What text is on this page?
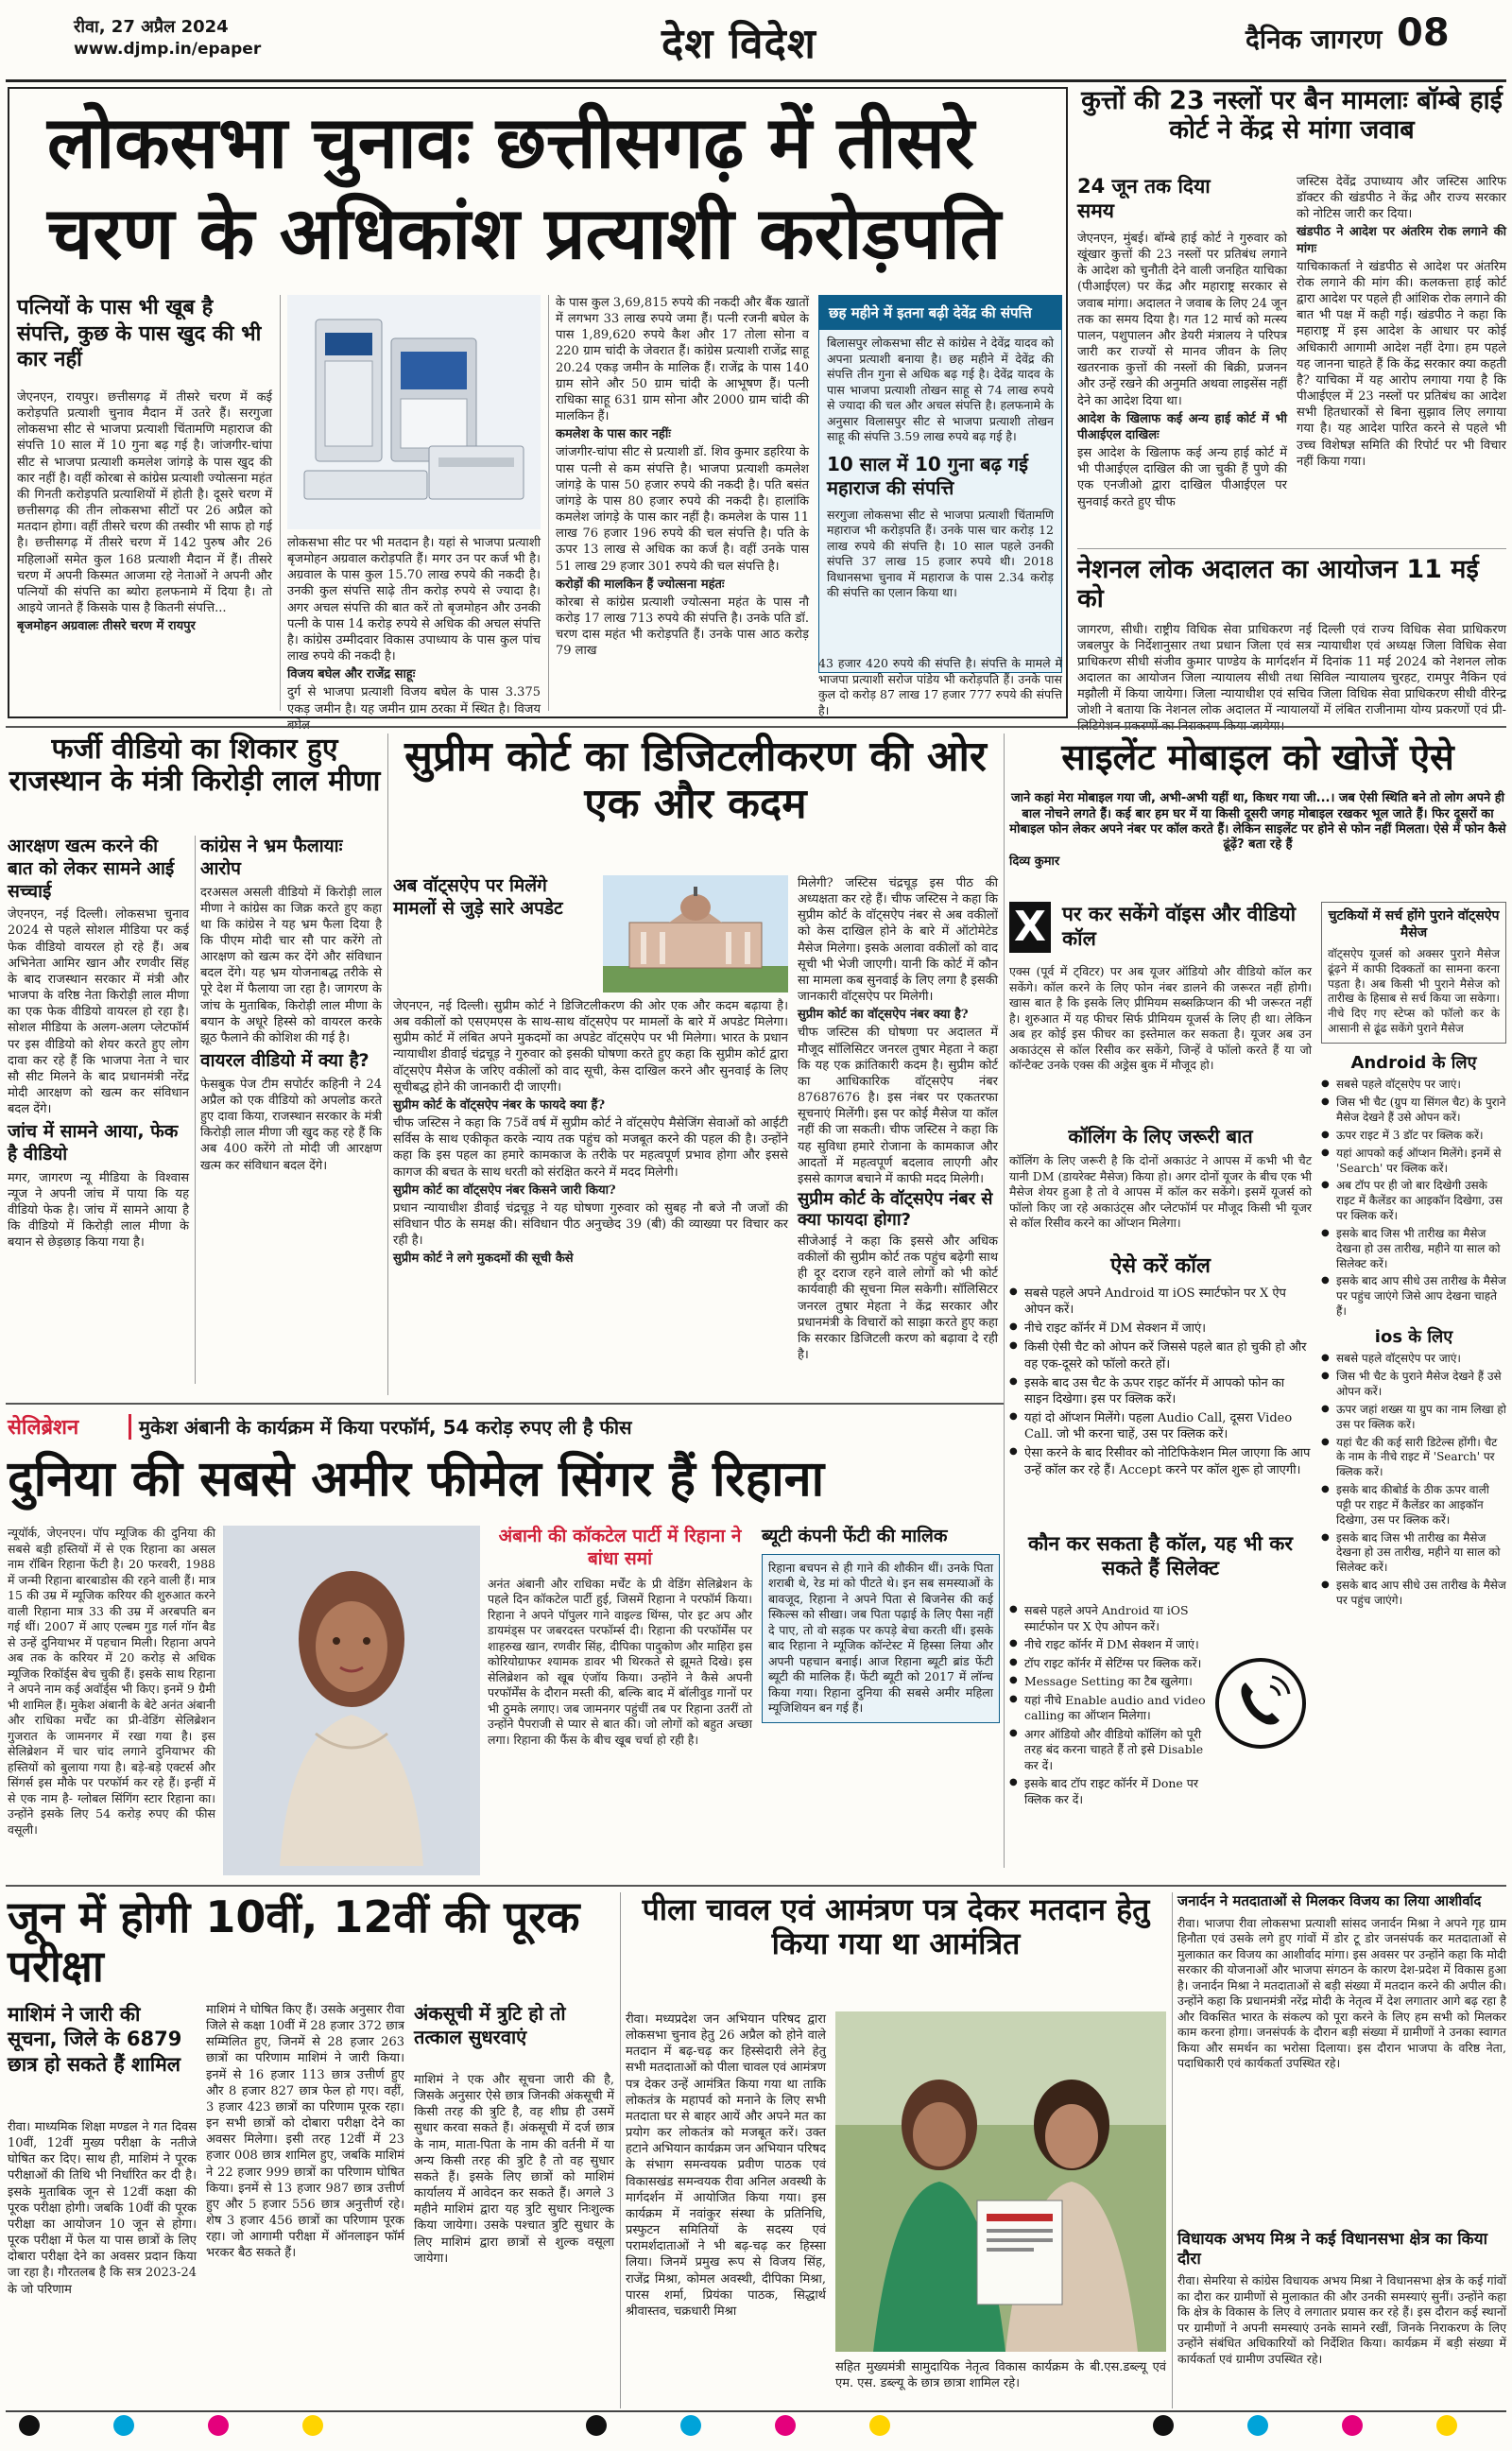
रीवा, 27 अप्रैल 2024
www.djmp.in/epaper	देश विदेश	दैनिक जागरण 08
लोकसभा चुनावः छत्तीसगढ़ में तीसरे
चरण के अधिकांश प्रत्याशी करोड़पति
पत्नियों के पास भी खूब है संपत्ति, कुछ के पास खुद की भी कार नहीं

जेएनएन, रायपुर। छत्तीसगढ़ में तीसरे चरण में कई करोड़पति प्रत्याशी चुनाव मैदान में उतरे हैं। सरगुजा लोकसभा सीट से भाजपा प्रत्याशी चिंतामणि महाराज की संपत्ति 10 साल में 10 गुना बढ़ गई है। जांजगीर-चांपा सीट से भाजपा प्रत्याशी कमलेश जांगड़े के पास खुद की कार नहीं है। वहीं कोरबा से कांग्रेस प्रत्याशी ज्योत्सना महंत की गिनती करोड़पति प्रत्याशियों में होती है। दूसरे चरण में छत्तीसगढ़ की तीन लोकसभा सीटों पर 26 अप्रैल को मतदान होगा। वहीं तीसरे चरण की तस्वीर भी साफ हो गई है। छत्तीसगढ़ में तीसरे चरण में 142 पुरुष और 26 महिलाओं समेत कुल 168 प्रत्याशी मैदान में हैं। तीसरे चरण में अपनी किस्मत आजमा रहे नेताओं ने अपनी और पत्नियों की संपत्ति का ब्योरा हलफनामे में दिया है। तो आइये जानते हैं किसके पास है कितनी संपत्ति...

बृजमोहन अग्रवालः तीसरे चरण में रायपुर

लोकसभा सीट पर भी मतदान है। यहां से भाजपा प्रत्याशी बृजमोहन अग्रवाल करोड़पति हैं। मगर उन पर कर्ज भी है। अग्रवाल के पास कुल 15.70 लाख रुपये की नकदी है। उनकी कुल संपत्ति साढ़े तीन करोड़ रुपये से ज्यादा है। अगर अचल संपत्ति की बात करें तो बृजमोहन और उनकी पत्नी के पास 14 करोड़ रुपये से अधिक की अचल संपत्ति है। कांग्रेस उम्मीदवार विकास उपाध्याय के पास कुल पांच लाख रुपये की नकदी है।

विजय बघेल और राजेंद्र साहूः

दुर्ग से भाजपा प्रत्याशी विजय बघेल के पास 3.375 एकड़ जमीन है। यह जमीन ग्राम ठरका में स्थित है। विजय

के पास कुल 3,69,815 रुपये की नकदी और बैंक खातों में लगभग 33 लाख रुपये जमा हैं। पत्नी रजनी बघेल के पास 1,89,620 रुपये कैश और 17 तोला सोना व 220 ग्राम चांदी के जेवरात हैं। कांग्रेस प्रत्याशी राजेंद्र साहू 20.24 एकड़ जमीन के मालिक हैं। राजेंद्र के पास 140 ग्राम सोने और 50 ग्राम चांदी के आभूषण हैं। पत्नी राधिका साहू 631 ग्राम सोना और 2000 ग्राम चांदी की मालकिन हैं।

कमलेश के पास कार नहींः

जांजगीर-चांपा सीट से प्रत्याशी डॉ. शिव कुमार डहरिया के पास पत्नी से कम संपत्ति है। भाजपा प्रत्याशी कमलेश जांगड़े के पास 50 हजार रुपये की नकदी है। पति बसंत जांगड़े के पास 80 हजार रुपये की नकदी है। हालांकि कमलेश जांगड़े के पास कार नहीं है। कमलेश के पास 11 लाख 76 हजार 196 रुपये की चल संपत्ति है। पति के ऊपर 13 लाख से अधिक का कर्ज है। वहीं उनके पास 51 लाख 29 हजार 301 रुपये की चल संपत्ति है।

करोड़ों की मालकिन हैं ज्योत्सना महंतः

कोरबा से कांग्रेस प्रत्याशी ज्योत्सना महंत के पास नौ करोड़ 17 लाख 713 रुपये की संपत्ति है। उनके पति डॉ. चरण दास महंत भी करोड़पति हैं। उनके पास आठ करोड़ 79 लाख

छह महीने में इतना बढ़ी देवेंद्र की संपत्ति
बिलासपुर लोकसभा सीट से कांग्रेस ने देवेंद्र यादव को अपना प्रत्याशी बनाया है। छह महीने में देवेंद्र की संपत्ति तीन गुना से अधिक बढ़ गई है। देवेंद्र यादव के पास भाजपा प्रत्याशी तोखन साहू से 74 लाख रुपये से ज्यादा की चल और अचल संपत्ति है। हलफनामे के अनुसार विलासपुर सीट से भाजपा प्रत्याशी तोखन साहू की संपत्ति 3.59 लाख रुपये बढ़ गई है।
10 साल में 10 गुना बढ़ गई महाराज की संपत्ति
सरगुजा लोकसभा सीट से भाजपा प्रत्याशी चिंतामणि महाराज भी करोड़पति हैं। उनके पास चार करोड़ 12 लाख रुपये की संपत्ति है। 10 साल पहले उनकी संपत्ति 37 लाख 15 हजार रुपये थी। 2018 विधानसभा चुनाव में महाराज के पास 2.34 करोड़ की संपत्ति का एलान किया था।
43 हजार 420 रुपये की संपत्ति है। संपत्ति के मामले में भाजपा प्रत्याशी सरोज पांडेय भी करोड़पति हैं। उनके पास कुल दो करोड़ 87 लाख 17 हजार 777 रुपये की संपत्ति है।
कुत्तों की 23 नस्लों पर बैन मामलाः बॉम्बे हाई कोर्ट ने केंद्र से मांगा जवाब
24 जून तक दिया समय

जेएनएन, मुंबई। बॉम्बे हाई कोर्ट ने गुरुवार को खूंखार कुत्तों की 23 नस्लों पर प्रतिबंध लगाने के आदेश को चुनौती देने वाली जनहित याचिका (पीआईएल) पर केंद्र और महाराष्ट्र सरकार से जवाब मांगा। अदालत ने जवाब के लिए 24 जून तक का समय दिया है। गत 12 मार्च को मत्स्य पालन, पशुपालन और डेयरी मंत्रालय ने परिपत्र जारी कर राज्यों से मानव जीवन के लिए खतरनाक कुत्तों की नस्लों की बिक्री, प्रजनन और उन्हें रखने की अनुमति अथवा लाइसेंस नहीं देने का आदेश दिया था।

आदेश के खिलाफ कई अन्य हाई कोर्ट में भी पीआईएल दाखिलः

इस आदेश के खिलाफ कई अन्य हाई कोर्ट में भी पीआईएल दाखिल की जा चुकी हैं पुणे की एक एनजीओ द्वारा दाखिल पीआईएल पर सुनवाई करते हुए चीफ

जस्टिस देवेंद्र उपाध्याय और जस्टिस आरिफ डॉक्टर की खंडपीठ ने केंद्र और राज्य सरकार को नोटिस जारी कर दिया।

खंडपीठ ने आदेश पर अंतरिम रोक लगाने की मांगः

याचिकाकर्ता ने खंडपीठ से आदेश पर अंतरिम रोक लगाने की मांग की। कलकत्ता हाई कोर्ट द्वारा आदेश पर पहले ही आंशिक रोक लगाने की बात भी पक्ष में कही गई। खंडपीठ ने कहा कि महाराष्ट्र में इस आदेश के आधार पर कोई अधिकारी आगामी आदेश नहीं देगा। हम पहले यह जानना चाहते हैं कि केंद्र सरकार क्या कहती है? याचिका में यह आरोप लगाया गया है कि पीआईएल में 23 नस्लों पर प्रतिबंध का आदेश सभी हितधारकों से बिना सुझाव लिए लगाया गया है। यह आदेश पारित करने से पहले भी उच्च विशेषज्ञ समिति की रिपोर्ट पर भी विचार नहीं किया गया।

नेशनल लोक अदालत का आयोजन 11 मई को
जागरण, सीधी। राष्ट्रीय विधिक सेवा प्राधिकरण नई दिल्ली एवं राज्य विधिक सेवा प्राधिकरण जबलपुर के निर्देशानुसार तथा प्रधान जिला एवं सत्र न्यायाधीश एवं अध्यक्ष जिला विधिक सेवा प्राधिकरण सीधी संजीव कुमार पाण्डेय के मार्गदर्शन में दिनांक 11 मई 2024 को नेशनल लोक अदालत का आयोजन जिला न्यायालय सीधी तथा सिविल न्यायालय चुरहट, रामपुर नैकिन एवं मझौली में किया जायेगा। जिला न्यायाधीश एवं सचिव जिला विधिक सेवा प्राधिकरण सीधी वीरेन्द्र जोशी ने बताया कि नेशनल लोक अदालत में न्यायालयों में लंबित राजीनामा योग्य प्रकरणों एवं प्री-
फर्जी वीडियो का शिकार हुए राजस्थान के मंत्री किरोड़ी लाल मीणा
आरक्षण खत्म करने की बात को लेकर सामने आई सच्चाई
जेएनएन, नई दिल्ली। लोकसभा चुनाव 2024 से पहले सोशल मीडिया पर कई फेक वीडियो वायरल हो रहे हैं। अब अभिनेता आमिर खान और रणवीर सिंह के बाद राजस्थान सरकार में मंत्री और भाजपा के वरिष्ठ नेता किरोड़ी लाल मीणा का एक फेक वीडियो वायरल हो रहा है। सोशल मीडिया के अलग-अलग प्लेटफॉर्म पर इस वीडियो को शेयर करते हुए लोग दावा कर रहे हैं कि भाजपा नेता ने चार सौ सीट मिलने के बाद प्रधानमंत्री नरेंद्र मोदी आरक्षण को खत्म कर संविधान बदल देंगे।
जांच में सामने आया, फेक है वीडियो
मगर, जागरण न्यू मीडिया के विश्वास न्यूज ने अपनी जांच में पाया कि यह वीडियो फेक है। जांच में सामने आया है कि वीडियो में किरोड़ी लाल मीणा के बयान से छेड़छाड़ किया गया है।
कांग्रेस ने भ्रम फैलायाः आरोप
दरअसल असली वीडियो में किरोड़ी लाल मीणा ने कांग्रेस का जिक्र करते हुए कहा था कि कांग्रेस ने यह भ्रम फैला दिया है कि पीएम मोदी चार सौ पार करेंगे तो आरक्षण को खत्म कर देंगे और संविधान बदल देंगे। यह भ्रम योजनाबद्ध तरीके से पूरे देश में फैलाया जा रहा है। जागरण के जांच के मुताबिक, किरोड़ी लाल मीणा के बयान के अधूरे हिस्से को वायरल करके झूठ फैलाने की कोशिश की गई है।
वायरल वीडियो में क्या है?
फेसबुक पेज टीम सपोर्टर कहिनी ने 24 अप्रैल को एक वीडियो को अपलोड करते हुए दावा किया, राजस्थान सरकार के मंत्री किरोड़ी लाल मीणा जी खुद कह रहे हैं कि अब 400 करेंगे तो मोदी जी आरक्षण खत्म कर संविधान बदल देंगे।
सुप्रीम कोर्ट का डिजिटलीकरण की ओर एक और कदम
अब वॉट्सऐप पर मिलेंगे मामलों से जुड़े सारे अपडेट

जेएनएन, नई दिल्ली। सुप्रीम कोर्ट ने डिजिटलीकरण की ओर एक और कदम बढ़ाया है। अब वकीलों को एसएमएस के साथ-साथ वॉट्सऐप पर मामलों के बारे में अपडेट मिलेगा। सुप्रीम कोर्ट में लंबित अपने मुकदमों का अपडेट वॉट्सऐप पर भी मिलेगा। भारत के प्रधान न्यायाधीश डीवाई चंद्रचूड़ ने गुरुवार को इसकी घोषणा करते हुए कहा कि सुप्रीम कोर्ट द्वारा वॉट्सऐप मैसेज के जरिए वकीलों को वाद सूची, केस दाखिल करने और सुनवाई के लिए सूचीबद्ध होने की जानकारी दी जाएगी।

सुप्रीम कोर्ट के वॉट्सऐप नंबर के फायदे क्या हैं?

चीफ जस्टिस ने कहा कि 75वें वर्ष में सुप्रीम कोर्ट ने वॉट्सऐप मैसेजिंग सेवाओं को आईटी सर्विस के साथ एकीकृत करके न्याय तक पहुंच को मजबूत करने की पहल की है। उन्होंने कहा कि इस पहल का हमारे कामकाज के तरीके पर महत्वपूर्ण प्रभाव होगा और इससे कागज की बचत के साथ धरती को संरक्षित करने में मदद मिलेगी।

सुप्रीम कोर्ट का वॉट्सऐप नंबर किसने जारी किया?

प्रधान न्यायाधीश डीवाई चंद्रचूड़ ने यह घोषणा गुरुवार को सुबह नौ बजे नौ जजों की संविधान पीठ के समक्ष की। संविधान पीठ अनुच्छेद 39 (बी) की व्याख्या पर विचार कर रही है।

सुप्रीम कोर्ट ने लगे मुकदमों की सूची कैसे

मिलेगी? जस्टिस चंद्रचूड़ इस पीठ की अध्यक्षता कर रहे हैं। चीफ जस्टिस ने कहा कि सुप्रीम कोर्ट के वॉट्सऐप नंबर से अब वकीलों को केस दाखिल होने के बारे में ऑटोमेटेड मैसेज मिलेगा। इसके अलावा वकीलों को वाद सूची भी भेजी जाएगी। यानी कि कोर्ट में कौन सा मामला कब सुनवाई के लिए लगा है इसकी जानकारी वॉट्सऐप पर मिलेगी।

सुप्रीम कोर्ट का वॉट्सऐप नंबर क्या है?

चीफ जस्टिस की घोषणा पर अदालत में मौजूद सॉलिसिटर जनरल तुषार मेहता ने कहा कि यह एक क्रांतिकारी कदम है। सुप्रीम कोर्ट का आधिकारिक वॉट्सऐप नंबर 87687676 है। इस नंबर पर एकतरफा सूचनाएं मिलेंगी। इस पर कोई मैसेज या कॉल नहीं की जा सकती। चीफ जस्टिस ने कहा कि यह सुविधा हमारे रोजाना के कामकाज और आदतों में महत्वपूर्ण बदलाव लाएगी और इससे कागज बचाने में काफी मदद मिलेगी।

सुप्रीम कोर्ट के वॉट्सऐप नंबर से क्या फायदा होगा?

सीजेआई ने कहा कि इससे और अधिक वकीलों की सुप्रीम कोर्ट तक पहुंच बढ़ेगी साथ ही दूर दराज रहने वाले लोगों को भी कोर्ट कार्यवाही की सूचना मिल सकेगी। सॉलिसिटर जनरल तुषार मेहता ने केंद्र सरकार और प्रधानमंत्री के विचारों को साझा करते हुए कहा कि सरकार डिजिटली करण को बढ़ावा दे रही है।

साइलेंट मोबाइल को खोजें ऐसे
जाने कहां मेरा मोबाइल गया जी, अभी-अभी यहीं था, किधर गया जी...। जब ऐसी स्थिति बने तो लोग अपने ही बाल नोचने लगते हैं। कई बार हम घर में या किसी दूसरी जगह मोबाइल रखकर भूल जाते हैं। फिर दूसरों का मोबाइल फोन लेकर अपने नंबर पर कॉल करते हैं। लेकिन साइलेंट पर होने से फोन नहीं मिलता। ऐसे में फोन कैसे ढूंढ़ें? बता रहे हैं
दिव्य कुमार
X पर कर सकेंगे वॉइस और वीडियो कॉल
एक्स (पूर्व में ट्विटर) पर अब यूजर ऑडियो और वीडियो कॉल कर सकेंगे। कॉल करने के लिए फोन नंबर डालने की जरूरत नहीं होगी। खास बात है कि इसके लिए प्रीमियम सब्सक्रिप्शन की भी जरूरत नहीं है। शुरुआत में यह फीचर सिर्फ प्रीमियम यूजर्स के लिए ही था। लेकिन अब हर कोई इस फीचर का इस्तेमाल कर सकता है। यूजर अब उन अकाउंट्स से कॉल रिसीव कर सकेंगे, जिन्हें वे फॉलो करते हैं या जो कॉन्टैक्ट उनके एक्स की अड्रेस बुक में मौजूद हो।
कॉलिंग के लिए जरूरी बात
कॉलिंग के लिए जरूरी है कि दोनों अकाउंट ने आपस में कभी भी चैट यानी DM (डायरेक्ट मैसेज) किया हो। अगर दोनों यूजर के बीच एक भी मैसेज शेयर हुआ है तो वे आपस में कॉल कर सकेंगे। इसमें यूजर्स को फॉलो किए जा रहे अकाउंट्स और प्लेटफॉर्म पर मौजूद किसी भी यूजर से कॉल रिसीव करने का ऑप्शन मिलेगा।
ऐसे करें कॉल
● सबसे पहले अपने Android या iOS स्मार्टफोन पर X ऐप ओपन करें।
● नीचे राइट कॉर्नर में DM सेक्शन में जाएं।
● किसी ऐसी चैट को ओपन करें जिससे पहले बात हो चुकी हो और वह एक-दूसरे को फॉलो करते हों।
● इसके बाद उस चैट के ऊपर राइट कॉर्नर में आपको फोन का साइन दिखेगा। इस पर क्लिक करें।
● यहां दो ऑप्शन मिलेंगे। पहला Audio Call, दूसरा Video Call. जो भी करना चाहें, उस पर क्लिक करें।
● ऐसा करने के बाद रिसीवर को नोटिफिकेशन मिल जाएगा कि आप उन्हें कॉल कर रहे हैं। Accept करने पर कॉल शुरू हो जाएगी।
कौन कर सकता है कॉल, यह भी कर सकते हैं सिलेक्ट
● सबसे पहले अपने Android या iOS स्मार्टफोन पर X ऐप ओपन करें।
● नीचे राइट कॉर्नर में DM सेक्शन में जाएं।
● टॉप राइट कॉर्नर में सेटिंग्स पर क्लिक करें।
● Message Setting का टैब खुलेगा।
● यहां नीचे Enable audio and video calling का ऑप्शन मिलेगा।
● अगर ऑडियो और वीडियो कॉलिंग को पूरी तरह बंद करना चाहते हैं तो इसे Disable कर दें।
● इसके बाद टॉप राइट कॉर्नर में Done पर क्लिक कर दें।
चुटकियों में सर्च होंगे पुराने वॉट्सऐप मैसेज
वॉट्सऐप यूजर्स को अक्सर पुराने मैसेज ढूंढ़ने में काफी दिक्कतों का सामना करना पड़ता है। अब किसी भी पुराने मैसेज को तारीख के हिसाब से सर्च किया जा सकेगा। नीचे दिए गए स्टेप्स को फॉलो कर के आसानी से ढूंढ सकेंगे पुराने मैसेज
Android के लिए
● सबसे पहले वॉट्सऐप पर जाएं।
● जिस भी चैट (ग्रुप या सिंगल चैट) के पुराने मैसेज देखने हैं उसे ओपन करें।
● ऊपर राइट में 3 डॉट पर क्लिक करें।
● यहां आपको कई ऑप्शन मिलेंगे। इनमें से 'Search' पर क्लिक करें।
● अब टॉप पर ही जो बार दिखेगी उसके राइट में कैलेंडर का आइकॉन दिखेगा, उस पर क्लिक करें।
● इसके बाद जिस भी तारीख का मैसेज देखना हो उस तारीख, महीने या साल को सिलेक्ट करें।
● इसके बाद आप सीधे उस तारीख के मैसेज पर पहुंच जाएंगे जिसे आप देखना चाहते हैं।
ios के लिए
● सबसे पहले वॉट्सऐप पर जाएं।
● जिस भी चैट के पुराने मैसेज देखने हैं उसे ओपन करें।
● ऊपर जहां शख्स या ग्रुप का नाम लिखा हो उस पर क्लिक करें।
● यहां चैट की कई सारी डिटेल्स होंगी। चैट के नाम के नीचे राइट में 'Search' पर क्लिक करें।
● इसके बाद कीबोर्ड के ठीक ऊपर वाली पट्टी पर राइट में कैलेंडर का आइकॉन दिखेगा, उस पर क्लिक करें।
● इसके बाद जिस भी तारीख का मैसेज देखना हो उस तारीख, महीने या साल को सिलेक्ट करें।
● इसके बाद आप सीधे उस तारीख के मैसेज पर पहुंच जाएंगे।
सेलिब्रेशन	मुकेश अंबानी के कार्यक्रम में किया परफॉर्म, 54 करोड़ रुपए ली है फीस
दुनिया की सबसे अमीर फीमेल सिंगर हैं रिहाना
न्यूयॉर्क, जेएनएन। पॉप म्यूजिक की दुनिया की सबसे बड़ी हस्तियों में से एक रिहाना का असल नाम रॉबिन रिहाना फेंटी है। 20 फरवरी, 1988 में जन्मी रिहाना बारबाडोस की रहने वाली हैं। मात्र 15 की उम्र में म्यूजिक करियर की शुरुआत करने वाली रिहाना मात्र 33 की उम्र में अरबपति बन गई थीं। 2007 में आए एल्बम गुड गर्ल गॉन बैड से उन्हें दुनियाभर में पहचान मिली। रिहाना अपने अब तक के करियर में 20 करोड़ से अधिक म्यूजिक रिकॉर्ड्स बेच चुकी हैं। इसके साथ रिहाना ने अपने नाम कई अवॉर्ड्स भी किए। इनमें 9 ग्रैमी भी शामिल हैं। मुकेश अंबानी के बेटे अनंत अंबानी और राधिका मर्चेंट का प्री-वेडिंग सेलिब्रेशन गुजरात के जामनगर में रखा गया है। इस सेलिब्रेशन में चार चांद लगाने दुनियाभर की हस्तियों को बुलाया गया है। बड़े-बड़े एक्टर्स और सिंगर्स इस मौके पर परफॉर्म कर रहे हैं। इन्हीं में से एक नाम है- ग्लोबल सिंगिंग स्टार रिहाना का। उन्होंने इसके लिए 54 करोड़ रुपए की फीस वसूली।
अंबानी की कॉकटेल पार्टी में रिहाना ने बांधा समां
अनंत अंबानी और राधिका मर्चेंट के प्री वेडिंग सेलिब्रेशन के पहले दिन कॉकटेल पार्टी हुई, जिसमें रिहाना ने परफॉर्म किया। रिहाना ने अपने पॉपुलर गाने वाइल्ड थिंग्स, पोर इट अप और डायमंड्स पर जबरदस्त परफॉर्म्स दी। रिहाना की परफॉर्मेंस पर शाहरुख खान, रणवीर सिंह, दीपिका पादुकोण और माहिरा इस कोरियोग्राफर श्यामक डावर भी थिरकते से झूमते दिखे। इस सेलिब्रेशन को खूब एंजॉय किया। उन्होंने ने कैसे अपनी परफॉर्मेंस के दौरान मस्ती की, बल्कि बाद में बॉलीवुड गानों पर भी ठुमके लगाए। जब जामनगर पहुंचीं तब पर रिहाना उतरीं तो उन्होंने पैपराजी से प्यार से बात की। जो लोगों को बहुत अच्छा लगा। रिहाना की फैंस के बीच खूब चर्चा हो रही है।
ब्यूटी कंपनी फेंटी की मालिक
रिहाना बचपन से ही गाने की शौकीन थीं। उनके पिता शराबी थे, रेड मां को पीटते थे। इन सब समस्याओं के बावजूद, रिहाना ने अपने पिता से बिजनेस की कई स्किल्स को सीखा। जब पिता पढ़ाई के लिए पैसा नहीं दे पाए, तो वो सड़क पर कपड़े बेचा करती थीं। इसके बाद रिहाना ने म्यूजिक कॉन्टेस्ट में हिस्सा लिया और अपनी पहचान बनाई। आज रिहाना ब्यूटी ब्रांड फेंटी ब्यूटी की मालिक हैं। फेंटी ब्यूटी को 2017 में लॉन्च किया गया। रिहाना दुनिया की सबसे अमीर महिला म्यूजिशियन बन गई हैं।
जून में होगी 10वीं, 12वीं की पूरक परीक्षा
माशिमं ने जारी की सूचना, जिले के 6879 छात्र हो सकते हैं शामिल
रीवा। माध्यमिक शिक्षा मण्डल ने गत दिवस 10वीं, 12वीं मुख्य परीक्षा के नतीजे घोषित कर दिए। साथ ही, माशिमं ने पूरक परीक्षाओं की तिथि भी निर्धारित कर दी है। इसके मुताबिक जून से 12वीं कक्षा की पूरक परीक्षा होगी। जबकि 10वीं की पूरक परीक्षा का आयोजन 10 जून से होगा। पूरक परीक्षा में फेल या पास छात्रों के लिए दोबारा परीक्षा देने का अवसर प्रदान किया जा रहा है। गौरतलब है कि सत्र 2023-24 के जो परिणाम
माशिमं ने घोषित किए हैं। उसके अनुसार रीवा जिले से कक्षा 10वीं में 28 हजार 372 छात्र सम्मिलित हुए, जिनमें से 28 हजार 263 छात्रों का परिणाम माशिमं ने जारी किया। इनमें से 16 हजार 113 छात्र उत्तीर्ण हुए और 8 हजार 827 छात्र फेल हो गए। वहीं, 3 हजार 423 छात्रों का परिणाम पूरक रहा। इन सभी छात्रों को दोबारा परीक्षा देने का अवसर मिलेगा। इसी तरह 12वीं में 23 हजार 008 छात्र शामिल हुए, जबकि माशिमं ने 22 हजार 999 छात्रों का परिणाम घोषित किया। इनमें से 13 हजार 987 छात्र उत्तीर्ण हुए और 5 हजार 556 छात्र अनुत्तीर्ण रहे। शेष 3 हजार 456 छात्रों का परिणाम पूरक रहा। जो आगामी परीक्षा में ऑनलाइन फॉर्म भरकर बैठ सकते हैं।
अंकसूची में त्रुटि हो तो तत्काल सुधरवाएं
माशिमं ने एक और सूचना जारी की है, जिसके अनुसार ऐसे छात्र जिनकी अंकसूची में किसी तरह की त्रुटि है, वह शीघ्र ही उसमें सुधार करवा सकते हैं। अंकसूची में दर्ज छात्र के नाम, माता-पिता के नाम की वर्तनी में या अन्य किसी तरह की त्रुटि है तो वह सुधार सकते हैं। इसके लिए छात्रों को माशिमं कार्यालय में आवेदन कर सकते हैं। अगले 3 महीने माशिमं द्वारा यह त्रुटि सुधार निःशुल्क किया जायेगा। उसके पश्चात त्रुटि सुधार के लिए माशिमं द्वारा छात्रों से शुल्क वसूला जायेगा।
पीला चावल एवं आमंत्रण पत्र देकर मतदान हेतु किया गया था आमंत्रित
रीवा। मध्यप्रदेश जन अभियान परिषद द्वारा लोकसभा चुनाव हेतु 26 अप्रैल को होने वाले मतदान में बढ़-चढ़ कर हिस्सेदारी लेने हेतु सभी मतदाताओं को पीला चावल एवं आमंत्रण पत्र देकर उन्हें आमंत्रित किया गया था ताकि लोकतंत्र के महापर्व को मनाने के लिए सभी मतदाता घर से बाहर आयें और अपने मत का प्रयोग कर लोकतंत्र को मजबूत करें। उक्त हटाने अभियान कार्यक्रम जन अभियान परिषद के संभाग समन्वयक प्रवीण पाठक एवं विकासखंड समन्वयक रीवा अनिल अवस्थी के मार्गदर्शन में आयोजित किया गया। इस कार्यक्रम में नवांकुर संस्था के प्रतिनिधि, प्रस्फुटन समितियों के सदस्य एवं परामर्शदाताओं ने भी बढ़-चढ़ कर हिस्सा लिया। जिनमें प्रमुख रूप से विजय सिंह, राजेंद्र मिश्रा, कोमल अवस्थी, दीपिका मिश्रा, पारस शर्मा, प्रियंका पाठक, सिद्धार्थ श्रीवास्तव, चक्रधारी मिश्रा
सहित मुख्यमंत्री सामुदायिक नेतृत्व विकास कार्यक्रम के बी.एस.डब्ल्यू एवं एम. एस. डब्ल्यू के छात्र छात्रा शामिल रहे।
जनार्दन ने मतदाताओं से मिलकर विजय का लिया आशीर्वाद
रीवा। भाजपा रीवा लोकसभा प्रत्याशी सांसद जनार्दन मिश्रा ने अपने गृह ग्राम हिनौता एवं उसके लगे हुए गांवों में डोर टू डोर जनसंपर्क कर मतदाताओं से मुलाकात कर विजय का आशीर्वाद मांगा। इस अवसर पर उन्होंने कहा कि मोदी सरकार की योजनाओं और भाजपा संगठन के कारण देश-प्रदेश में विकास हुआ है। जनार्दन मिश्रा ने मतदाताओं से बड़ी संख्या में मतदान करने की अपील की। उन्होंने कहा कि प्रधानमंत्री नरेंद्र मोदी के नेतृत्व में देश लगातार आगे बढ़ रहा है और विकसित भारत के संकल्प को पूरा करने के लिए हम सभी को मिलकर काम करना होगा। जनसंपर्क के दौरान बड़ी संख्या में ग्रामीणों ने उनका स्वागत किया और समर्थन का भरोसा दिलाया। इस दौरान भाजपा के वरिष्ठ नेता, पदाधिकारी एवं कार्यकर्ता उपस्थित रहे।
विधायक अभय मिश्र ने कई विधानसभा क्षेत्र का किया दौरा
रीवा। सेमरिया से कांग्रेस विधायक अभय मिश्रा ने विधानसभा क्षेत्र के कई गांवों का दौरा कर ग्रामीणों से मुलाकात की और उनकी समस्याएं सुनीं। उन्होंने कहा कि क्षेत्र के विकास के लिए वे लगातार प्रयास कर रहे हैं। इस दौरान कई स्थानों पर ग्रामीणों ने अपनी समस्याएं उनके सामने रखीं, जिनके निराकरण के लिए उन्होंने संबंधित अधिकारियों को निर्देशित किया। कार्यक्रम में बड़ी संख्या में कार्यकर्ता एवं ग्रामीण उपस्थित रहे।
